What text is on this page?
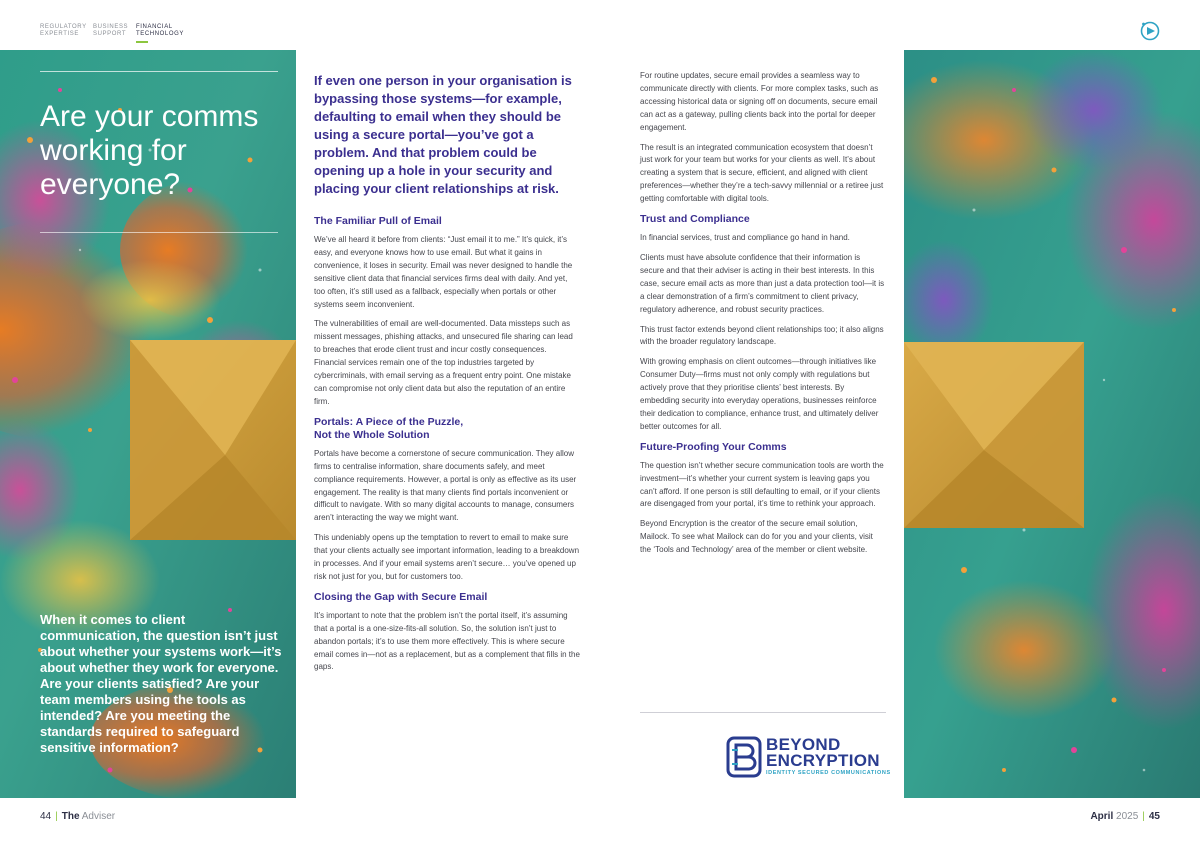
REGULATORY
EXPERTISE
BUSINESS
SUPPORT
FINANCIAL
TECHNOLOGY
Are your comms working for everyone?
When it comes to client communication, the question isn’t just about whether your systems work—it’s about whether they work for everyone. Are your clients satisfied? Are your team members using the tools as intended? Are you meeting the standards required to safeguard sensitive information?
If even one person in your organisation is bypassing those systems—for example, defaulting to email when they should be using a secure portal—you’ve got a problem. And that problem could be opening up a hole in your security and placing your client relationships at risk.
The Familiar Pull of Email

We’ve all heard it before from clients: “Just email it to me.” It’s quick, it’s easy, and everyone knows how to use email. But what it gains in convenience, it loses in security. Email was never designed to handle the sensitive client data that financial services firms deal with daily. And yet, too often, it’s still used as a fallback, especially when portals or other systems seem inconvenient.

The vulnerabilities of email are well-documented. Data missteps such as missent messages, phishing attacks, and unsecured file sharing can lead to breaches that erode client trust and incur costly consequences. Financial services remain one of the top industries targeted by cybercriminals, with email serving as a frequent entry point. One mistake can compromise not only client data but also the reputation of an entire firm.

Portals: A Piece of the Puzzle,
Not the Whole Solution

Portals have become a cornerstone of secure communication. They allow firms to centralise information, share documents safely, and meet compliance requirements. However, a portal is only as effective as its user engagement. The reality is that many clients find portals inconvenient or difficult to navigate. With so many digital accounts to manage, consumers aren’t interacting the way we might want.

This undeniably opens up the temptation to revert to email to make sure that your clients actually see important information, leading to a breakdown in processes. And if your email systems aren’t secure… you’ve opened up risk not just for you, but for customers too.

Closing the Gap with Secure Email

It’s important to note that the problem isn’t the portal itself, it’s assuming that a portal is a one-size-fits-all solution. So, the solution isn’t just to abandon portals; it’s to use them more effectively. This is where secure email comes in—not as a replacement, but as a complement that fills in the gaps.

For routine updates, secure email provides a seamless way to communicate directly with clients. For more complex tasks, such as accessing historical data or signing off on documents, secure email can act as a gateway, pulling clients back into the portal for deeper engagement.

The result is an integrated communication ecosystem that doesn’t just work for your team but works for your clients as well. It’s about creating a system that is secure, efficient, and aligned with client preferences—whether they’re a tech-savvy millennial or a retiree just getting comfortable with digital tools.

Trust and Compliance

In financial services, trust and compliance go hand in hand.

Clients must have absolute confidence that their information is secure and that their adviser is acting in their best interests. In this case, secure email acts as more than just a data protection tool—it is a clear demonstration of a firm’s commitment to client privacy, regulatory adherence, and robust security practices.

This trust factor extends beyond client relationships too; it also aligns with the broader regulatory landscape.

With growing emphasis on client outcomes—through initiatives like Consumer Duty—firms must not only comply with regulations but actively prove that they prioritise clients’ best interests. By embedding security into everyday operations, businesses reinforce their dedication to compliance, enhance trust, and ultimately deliver better outcomes for all.

Future-Proofing Your Comms

The question isn’t whether secure communication tools are worth the investment—it’s whether your current system is leaving gaps you can’t afford. If one person is still defaulting to email, or if your clients are disengaged from your portal, it’s time to rethink your approach.

Beyond Encryption is the creator of the secure email solution, Mailock. To see what Mailock can do for you and your clients, visit the ‘Tools and Technology’ area of the member or client website.

BEYOND
ENCRYPTION
IDENTITY SECURED COMMUNICATIONS
44 | The Adviser	April 2025 | 45
